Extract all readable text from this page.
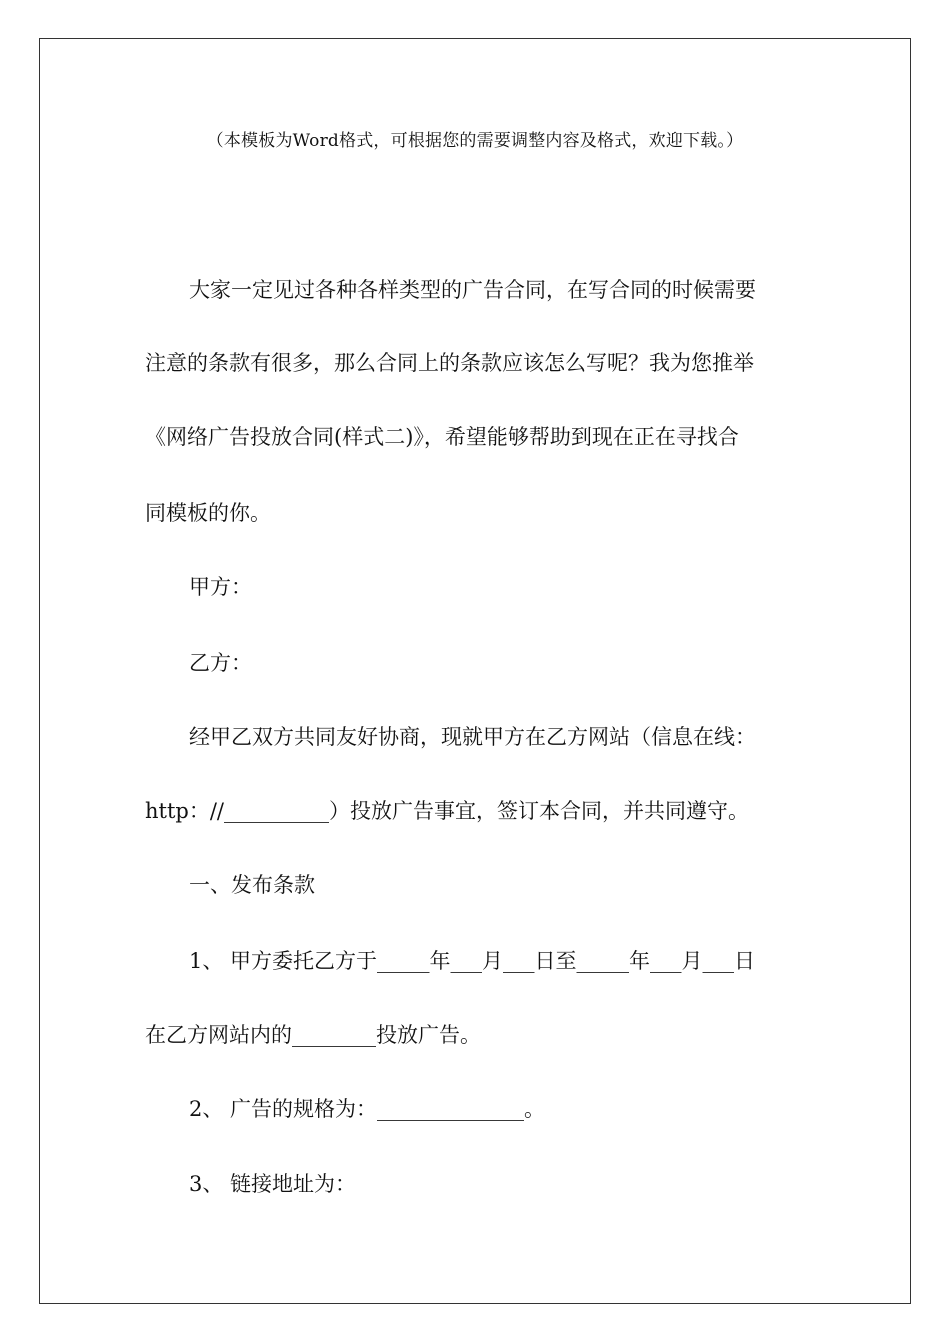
（本模板为Word格式，可根据您的需要调整内容及格式，欢迎下载。）
大家一定见过各种各样类型的广告合同，在写合同的时候需要
注意的条款有很多，那么合同上的条款应该怎么写呢？我为您推举
《网络广告投放合同(样式二)》，希望能够帮助到现在正在寻找合
同模板的你。
甲方：
乙方：
经甲乙双方共同友好协商，现就甲方在乙方网站（信息在线：
http：//__________）投放广告事宜，签订本合同，并共同遵守。
一、发布条款
1、 甲方委托乙方于_____年___月___日至_____年___月___日
在乙方网站内的________投放广告。
2、 广告的规格为：______________。
3、 链接地址为：
